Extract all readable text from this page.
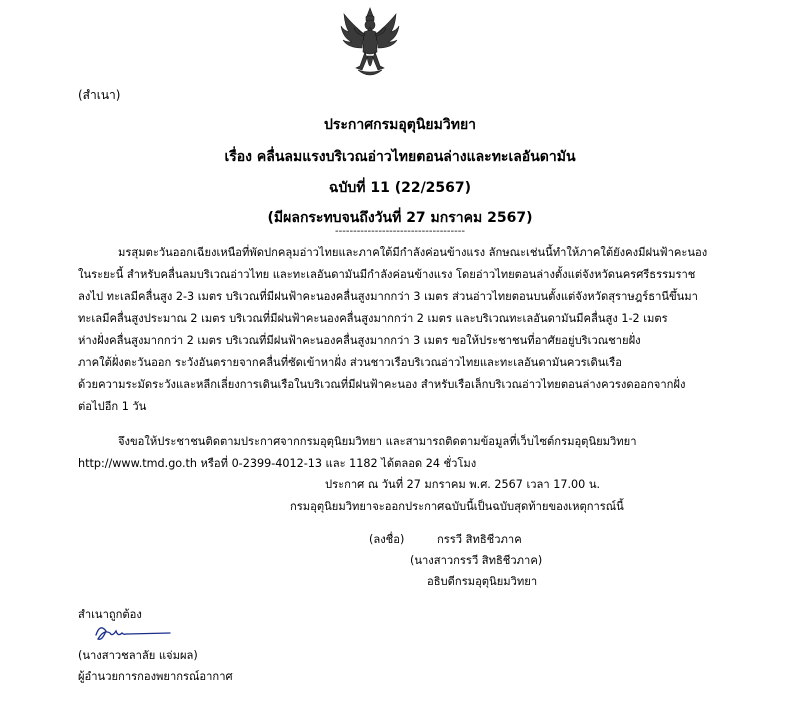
(สำเนา)
ประกาศกรมอุตุนิยมวิทยา
เรื่อง คลื่นลมแรงบริเวณอ่าวไทยตอนล่างและทะเลอันดามัน
ฉบับที่ 11 (22/2567)
(มีผลกระทบจนถึงวันที่ 27 มกราคม 2567)
------------------------------------
มรสุมตะวันออกเฉียงเหนือที่พัดปกคลุมอ่าวไทยและภาคใต้มีกำลังค่อนข้างแรง ลักษณะเช่นนี้ทำให้ภาคใต้ยังคงมีฝนฟ้าคะนอง
ในระยะนี้ สำหรับคลื่นลมบริเวณอ่าวไทย และทะเลอันดามันมีกำลังค่อนข้างแรง โดยอ่าวไทยตอนล่างตั้งแต่จังหวัดนครศรีธรรมราช
ลงไป ทะเลมีคลื่นสูง 2-3 เมตร บริเวณที่มีฝนฟ้าคะนองคลื่นสูงมากกว่า 3 เมตร ส่วนอ่าวไทยตอนบนตั้งแต่จังหวัดสุราษฎร์ธานีขึ้นมา
ทะเลมีคลื่นสูงประมาณ 2 เมตร บริเวณที่มีฝนฟ้าคะนองคลื่นสูงมากกว่า 2 เมตร และบริเวณทะเลอันดามันมีคลื่นสูง 1-2 เมตร
ห่างฝั่งคลื่นสูงมากกว่า 2 เมตร บริเวณที่มีฝนฟ้าคะนองคลื่นสูงมากกว่า 3 เมตร ขอให้ประชาชนที่อาศัยอยู่บริเวณชายฝั่ง
ภาคใต้ฝั่งตะวันออก ระวังอันตรายจากคลื่นที่ซัดเข้าหาฝั่ง ส่วนชาวเรือบริเวณอ่าวไทยและทะเลอันดามันควรเดินเรือ
ด้วยความระมัดระวังและหลีกเลี่ยงการเดินเรือในบริเวณที่มีฝนฟ้าคะนอง สำหรับเรือเล็กบริเวณอ่าวไทยตอนล่างควรงดออกจากฝั่ง
ต่อไปอีก 1 วัน
จึงขอให้ประชาชนติดตามประกาศจากกรมอุตุนิยมวิทยา และสามารถติดตามข้อมูลที่เว็บไซต์กรมอุตุนิยมวิทยา
http://www.tmd.go.th หรือที่ 0-2399-4012-13 และ 1182 ได้ตลอด 24 ชั่วโมง
ประกาศ ณ วันที่ 27 มกราคม พ.ศ. 2567 เวลา 17.00 น.
กรมอุตุนิยมวิทยาจะออกประกาศฉบับนี้เป็นฉบับสุดท้ายของเหตุการณ์นี้
(ลงชื่อ)	กรรวี สิทธิชีวภาค
(นางสาวกรรวี สิทธิชีวภาค)
อธิบดีกรมอุตุนิยมวิทยา
สำเนาถูกต้อง
(นางสาวชลาลัย แจ่มผล)
ผู้อำนวยการกองพยากรณ์อากาศ
